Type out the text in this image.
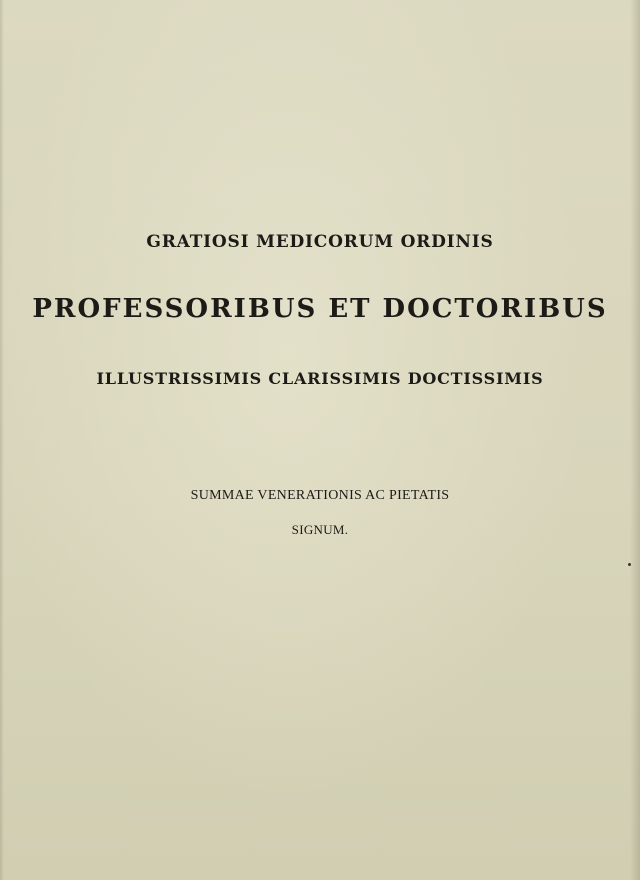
GRATIOSI MEDICORUM ORDINIS
PROFESSORIBUS ET DOCTORIBUS
ILLUSTRISSIMIS CLARISSIMIS DOCTISSIMIS
SUMMAE VENERATIONIS AC PIETATIS
SIGNUM.
